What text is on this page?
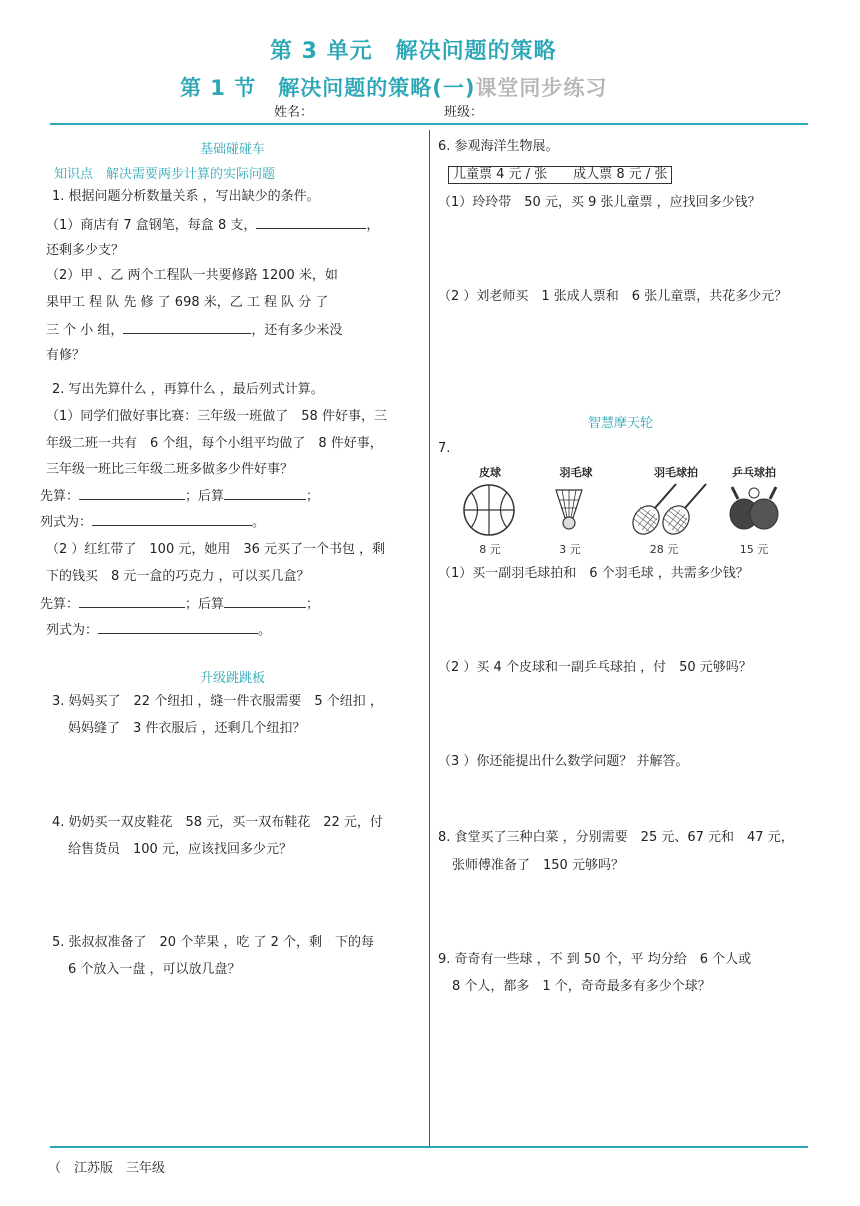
第 3 单元　解决问题的策略
第 1 节　解决问题的策略(一)课堂同步练习
姓名：	班级：
基础碰碰车
知识点　解决需要两步计算的实际问题
1. 根据问题分析数量关系 ，写出缺少的条件。
（1）商店有 7 盒钢笔，每盒 8 支，	，
还剩多少支？
（2）甲 、乙 两个工程队一共要修路 1200 米，如
果甲工 程 队 先 修 了 698 米，乙 工 程 队 分 了
三 个 小 组，	，还有多少米没
有修？
2. 写出先算什么 ，再算什么 ，最后列式计算。
（1）同学们做好事比赛：三年级一班做了　58 件好事，三
年级二班一共有　6 个组，每个小组平均做了　8 件好事，
三年级一班比三年级二班多做多少件好事？
先算：	；后算	；
列式为：	。
（2 ）红红带了　100 元，她用　36 元买了一个书包 ，剩
下的钱买　8 元一盒的巧克力 ，可以买几盒？
先算：	；后算	；
列式为：	。
升级跳跳板
3. 妈妈买了　22 个纽扣 ，缝一件衣服需要　5 个纽扣 ，
妈妈缝了　3 件衣服后 ，还剩几个纽扣？
4. 奶奶买一双皮鞋花　58 元，买一双布鞋花　22 元，付
给售货员　100 元，应该找回多少元？
5. 张叔叔准备了　20 个苹果 ，吃 了 2 个，剩　下的每
6 个放入一盘 ，可以放几盘？
6. 参观海洋生物展。
儿童票 4 元 / 张　　成人票 8 元 / 张
（1）玲玲带　50 元，买 9 张儿童票 ，应找回多少钱？
（2 ）刘老师买　1 张成人票和　6 张儿童票，共花多少元？
智慧摩天轮
7.
皮球	羽毛球	羽毛球拍	乒乓球拍
8 元	3 元	28 元	15 元
（1）买一副羽毛球拍和　6 个羽毛球 ，共需多少钱？
（2 ）买 4 个皮球和一副乒乓球拍 ，付　50 元够吗？
（3 ）你还能提出什么数学问题？ 并解答。
8. 食堂买了三种白菜 ，分别需要　25 元、67 元和　47 元，
张师傅准备了　150 元够吗？
9. 奇奇有一些球 ，不 到 50 个，平 均分给　6 个人或
8 个人，都多　1 个，奇奇最多有多少个球？
（　江苏版　三年级
